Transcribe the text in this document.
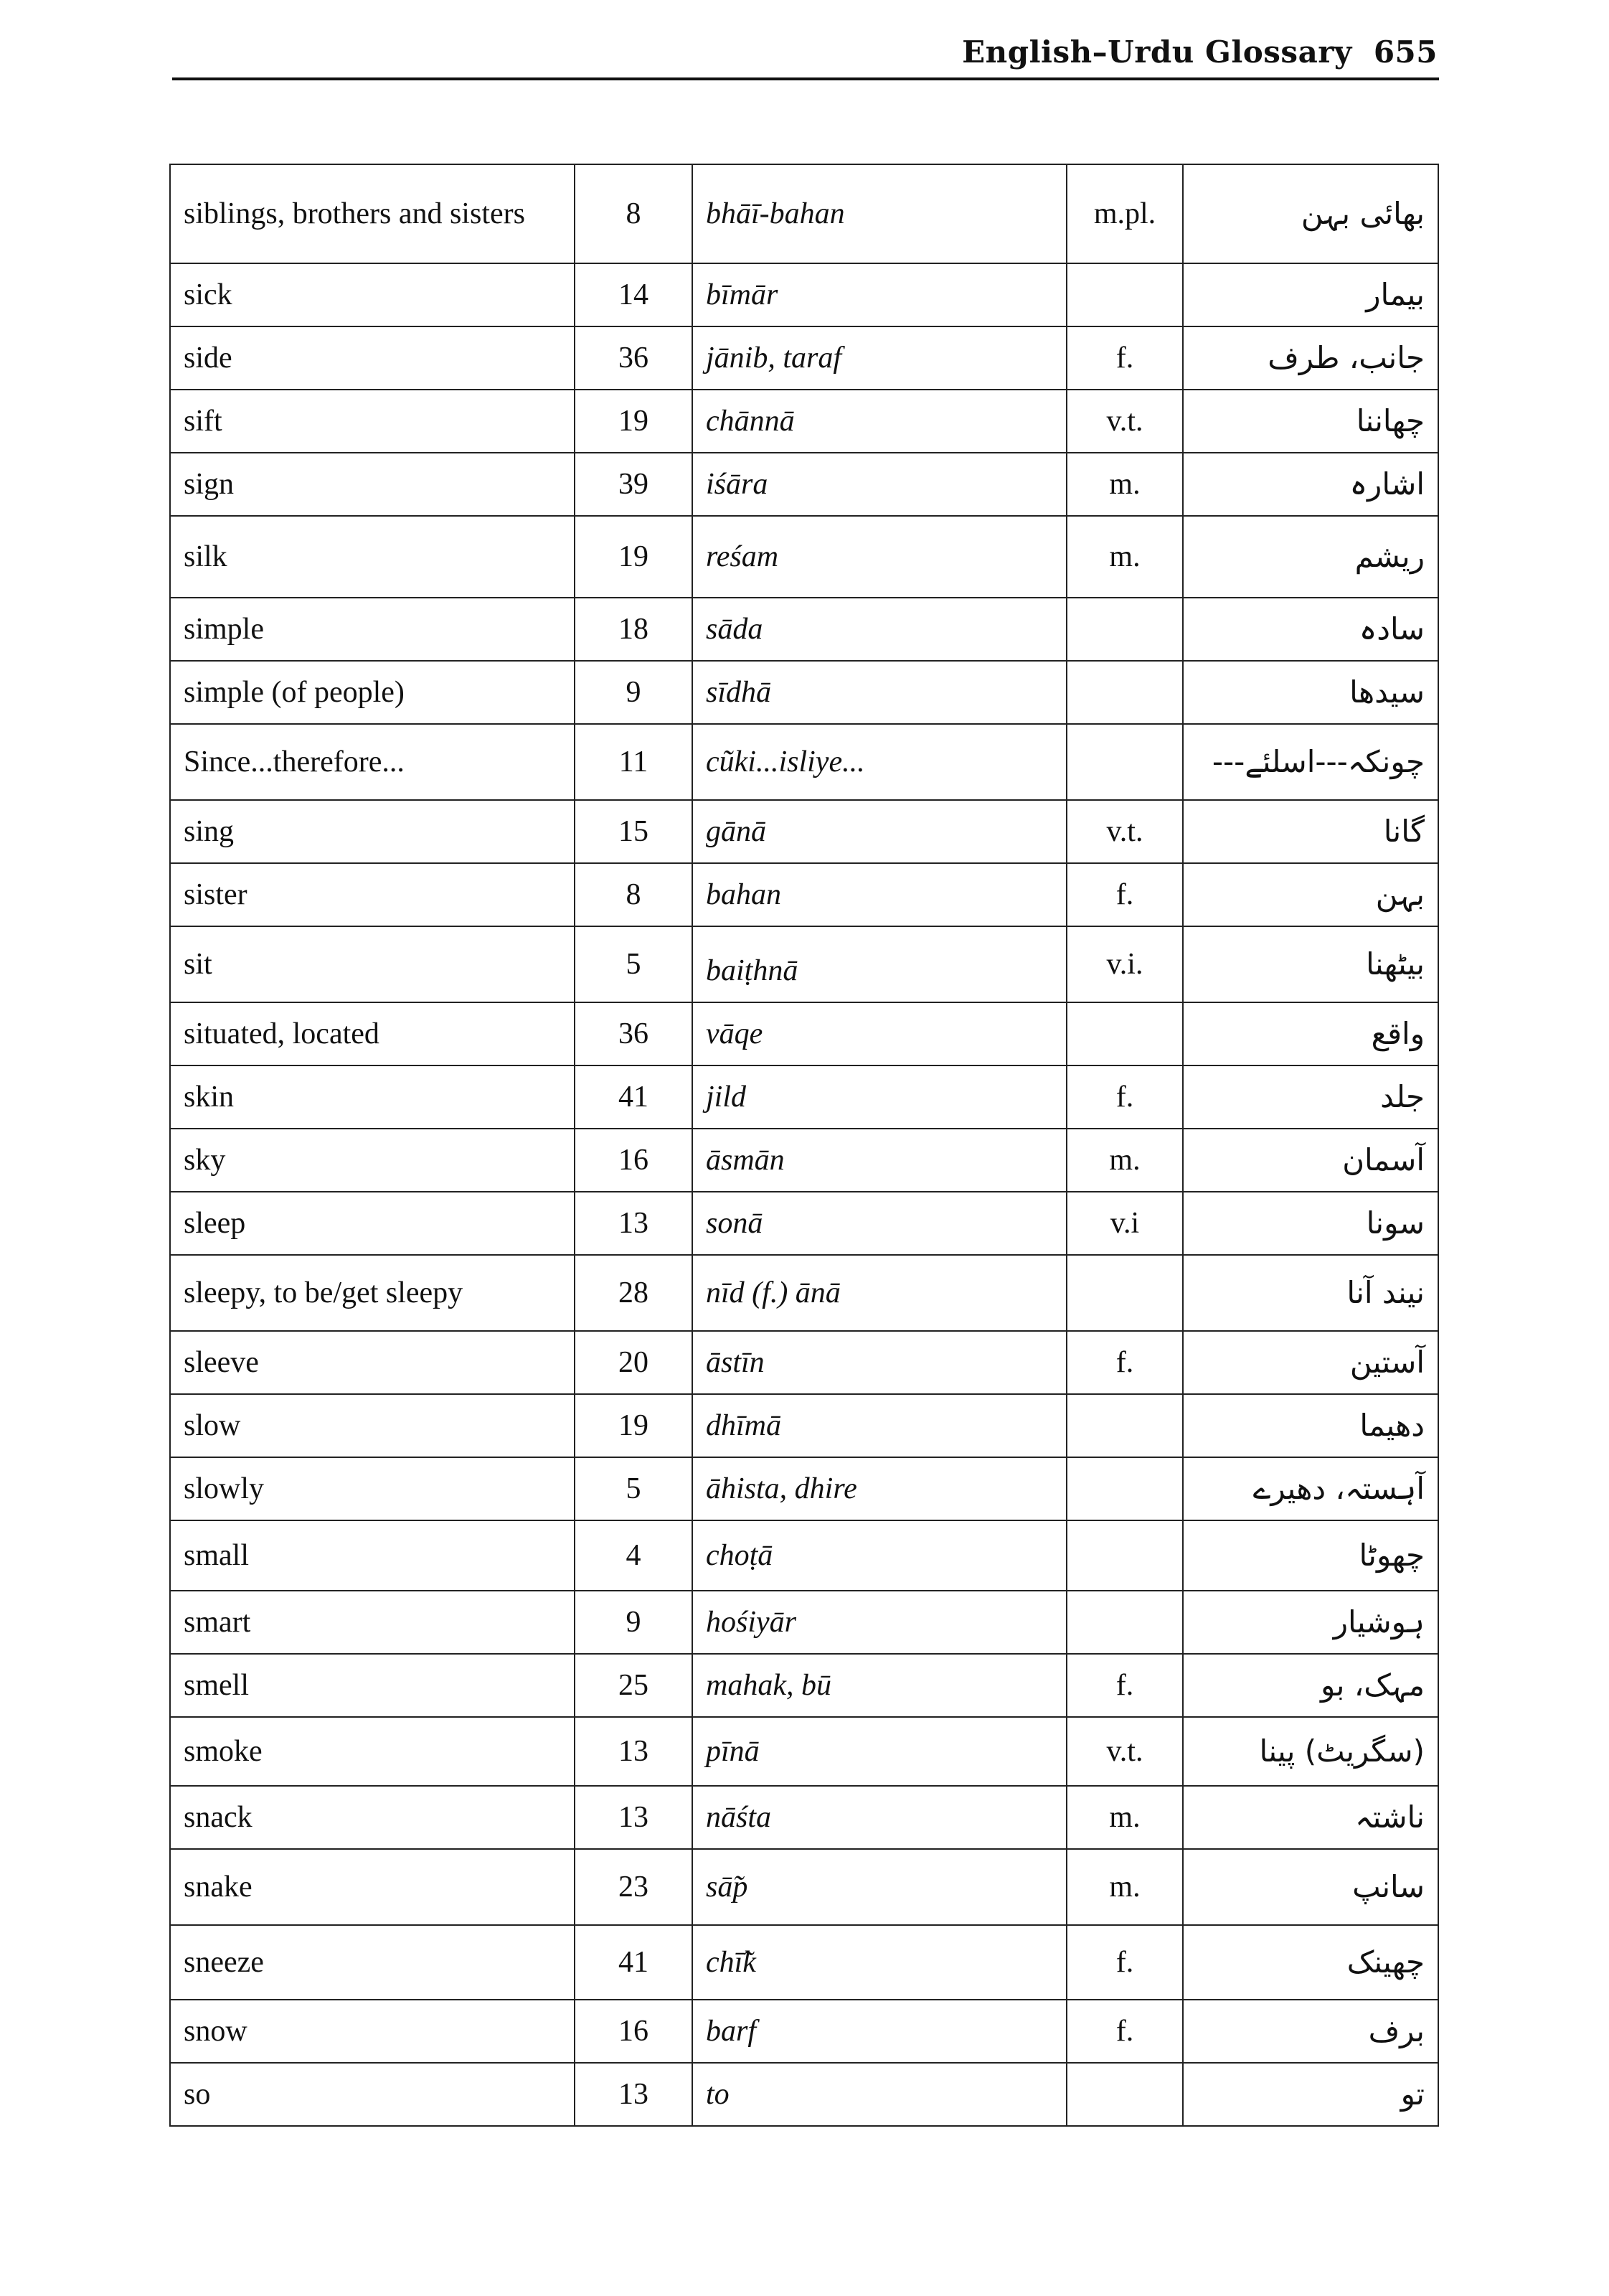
English–Urdu Glossary 655
siblings, brothers and sisters	8	bhāī-bahan	m.pl.	بھائی بہن
sick	14	bīmār		بیمار
side	36	jānib, taraf	f.	جانب، طرف
sift	19	chānnā	v.t.	چھاننا
sign	39	iśāra	m.	اشارہ
silk	19	reśam	m.	ریشم
simple	18	sāda		سادہ
simple (of people)	9	sīdhā		سیدھا
Since...therefore...	11	cũki...isliye...		چونکہ---اسلئے---
sing	15	gānā	v.t.	گانا
sister	8	bahan	f.	بہن
sit	5	baiṭhnā	v.i.	بیٹھنا
situated, located	36	vāqe		واقع
skin	41	jild	f.	جلد
sky	16	āsmān	m.	آسمان
sleep	13	sonā	v.i	سونا
sleepy, to be/get sleepy	28	nīd (f.) ānā		نیند آنا
sleeve	20	āstīn	f.	آستین
slow	19	dhīmā		دھیما
slowly	5	āhista, dhire		آہستہ، دھیرے
small	4	choṭā		چھوٹا
smart	9	hośiyār		ہوشیار
smell	25	mahak, bū	f.	مہک، بو
smoke	13	pīnā	v.t.	(سگریٹ) پینا
snack	13	nāśta	m.	ناشتہ
snake	23	sā̃p	m.	سانپ
sneeze	41	chī̃k	f.	چھینک
snow	16	barf	f.	برف
so	13	to		تو
